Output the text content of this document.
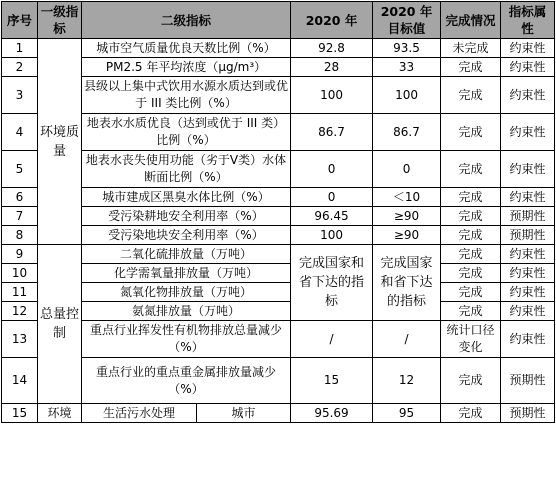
序号	一级指标	二级指标		2020 年	2020 年目标值	完成情况	指标属性
1	环境质量	城市空气质量优良天数比例（%）		92.8	93.5	未完成	约束性
2		PM2.5 年平均浓度（μg/m³）		28	33	完成	约束性
3		县级以上集中式饮用水源水质达到或优于 III 类比例（%）		100	100	完成	约束性
4		地表水水质优良（达到或优于 III 类）比例（%）		86.7	86.7	完成	约束性
5		地表水丧失使用功能（劣于Ⅴ类）水体断面比例（%）		0	0	完成	约束性
6		城市建成区黑臭水体比例（%）		0	＜10	完成	约束性
7		受污染耕地安全利用率（%）		96.45	≥90	完成	预期性
8		受污染地块安全利用率（%）		100	≥90	完成	预期性
9	总量控制	二氧化硫排放量（万吨）		完成国家和省下达的指标	完成国家和省下达的指标	完成	约束性
10		化学需氧量排放量（万吨）				完成	约束性
11		氮氧化物排放量（万吨）				完成	约束性
12		氨氮排放量（万吨）				完成	约束性
13		重点行业挥发性有机物排放总量减少（%）		/	/	统计口径变化	约束性
14		重点行业的重点重金属排放量减少（%）		15	12	完成	预期性
15	环境	生活污水处理	城市	95.69	95	完成	预期性
